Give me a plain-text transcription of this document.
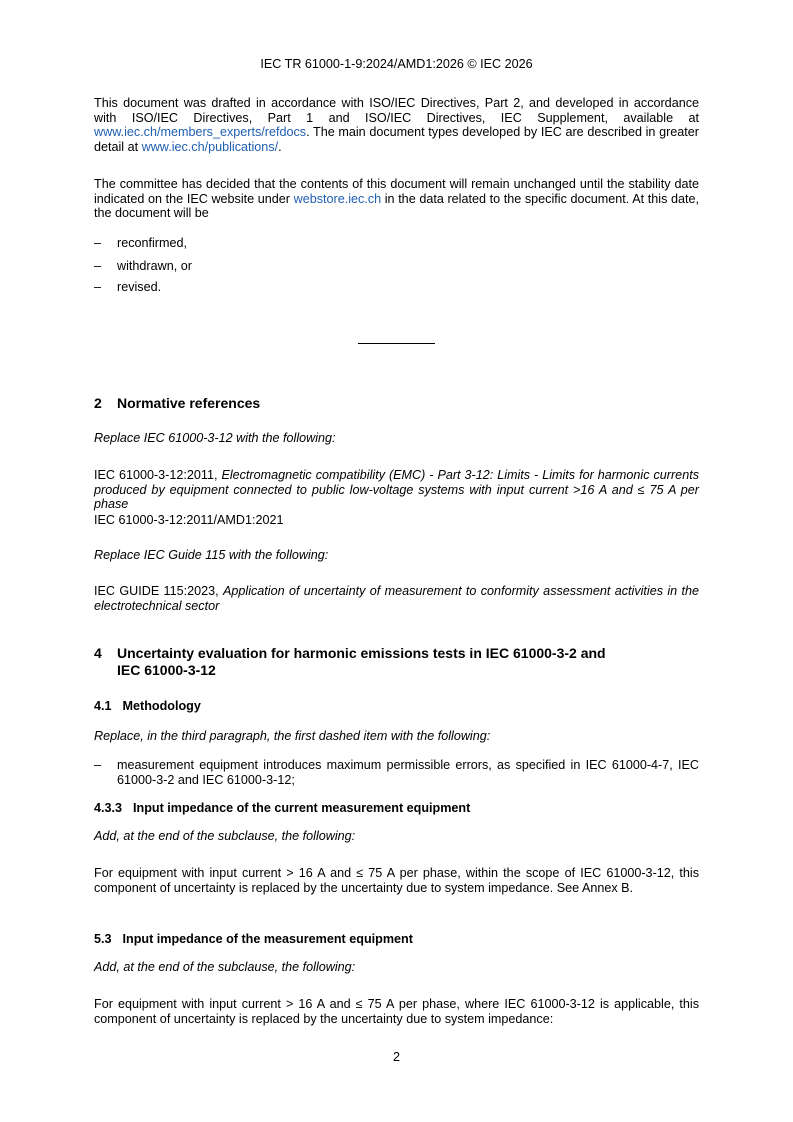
IEC TR 61000-1-9:2024/AMD1:2026 © IEC 2026

This document was drafted in accordance with ISO/IEC Directives, Part 2, and developed in accordance with ISO/IEC Directives, Part 1 and ISO/IEC Directives, IEC Supplement, available at www.iec.ch/members_experts/refdocs. The main document types developed by IEC are described in greater detail at www.iec.ch/publications/.

The committee has decided that the contents of this document will remain unchanged until the stability date indicated on the IEC website under webstore.iec.ch in the data related to the specific document. At this date, the document will be

– reconfirmed,
– withdrawn, or
– revised.
2 Normative references

Replace IEC 61000-3-12 with the following:

IEC 61000-3-12:2011, Electromagnetic compatibility (EMC) - Part 3-12: Limits - Limits for harmonic currents produced by equipment connected to public low-voltage systems with input current >16 A and ≤ 75 A per phase

IEC 61000-3-12:2011/AMD1:2021

Replace IEC Guide 115 with the following:

IEC GUIDE 115:2023, Application of uncertainty of measurement to conformity assessment activities in the electrotechnical sector

4 Uncertainty evaluation for harmonic emissions tests in IEC 61000-3-2 and
IEC 61000-3-12
4.1 Methodology

Replace, in the third paragraph, the first dashed item with the following:

– measurement equipment introduces maximum permissible errors, as specified in IEC 61000-4-7, IEC 61000-3-2 and IEC 61000-3-12;
4.3.3 Input impedance of the current measurement equipment

Add, at the end of the subclause, the following:

For equipment with input current > 16 A and ≤ 75 A per phase, within the scope of IEC 61000-3-12, this component of uncertainty is replaced by the uncertainty due to system impedance. See Annex B.

5.3 Input impedance of the measurement equipment

Add, at the end of the subclause, the following:

For equipment with input current > 16 A and ≤ 75 A per phase, where IEC 61000-3-12 is applicable, this component of uncertainty is replaced by the uncertainty due to system impedance:

2
